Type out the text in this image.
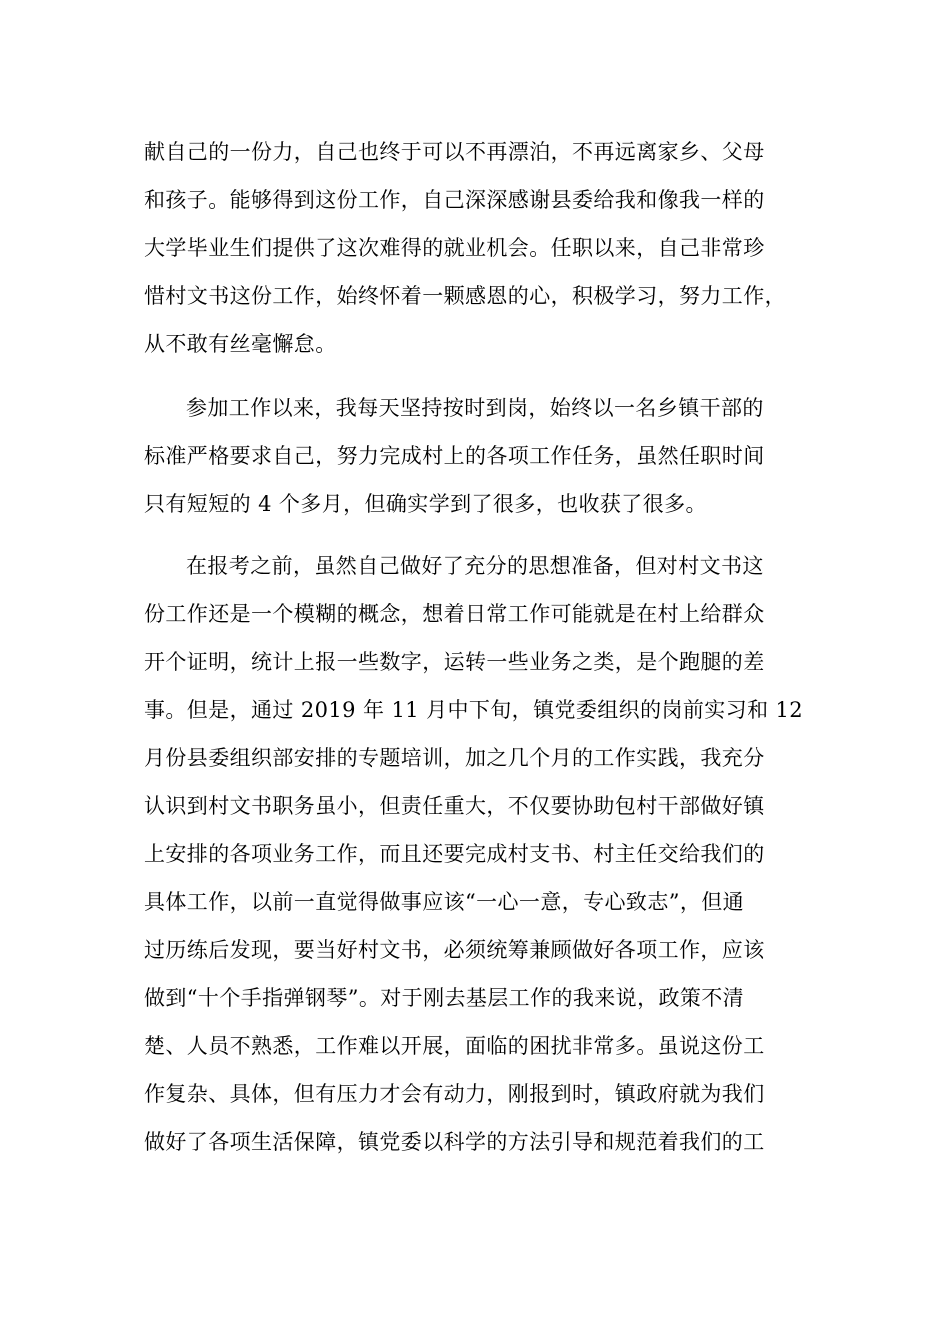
献自己的一份力，自己也终于可以不再漂泊，不再远离家乡、父母
和孩子。能够得到这份工作，自己深深感谢县委给我和像我一样的
大学毕业生们提供了这次难得的就业机会。任职以来，自己非常珍
惜村文书这份工作，始终怀着一颗感恩的心，积极学习，努力工作，
从不敢有丝毫懈怠。
参加工作以来，我每天坚持按时到岗，始终以一名乡镇干部的
标准严格要求自己，努力完成村上的各项工作任务，虽然任职时间
只有短短的 4 个多月，但确实学到了很多，也收获了很多。
在报考之前，虽然自己做好了充分的思想准备，但对村文书这
份工作还是一个模糊的概念，想着日常工作可能就是在村上给群众
开个证明，统计上报一些数字，运转一些业务之类，是个跑腿的差
事。但是，通过 2019 年 11 月中下旬，镇党委组织的岗前实习和 12
月份县委组织部安排的专题培训，加之几个月的工作实践，我充分
认识到村文书职务虽小，但责任重大，不仅要协助包村干部做好镇
上安排的各项业务工作，而且还要完成村支书、村主任交给我们的
具体工作，以前一直觉得做事应该“一心一意，专心致志”，但通
过历练后发现，要当好村文书，必须统筹兼顾做好各项工作，应该
做到“十个手指弹钢琴”。对于刚去基层工作的我来说，政策不清
楚、人员不熟悉，工作难以开展，面临的困扰非常多。虽说这份工
作复杂、具体，但有压力才会有动力，刚报到时，镇政府就为我们
做好了各项生活保障，镇党委以科学的方法引导和规范着我们的工
